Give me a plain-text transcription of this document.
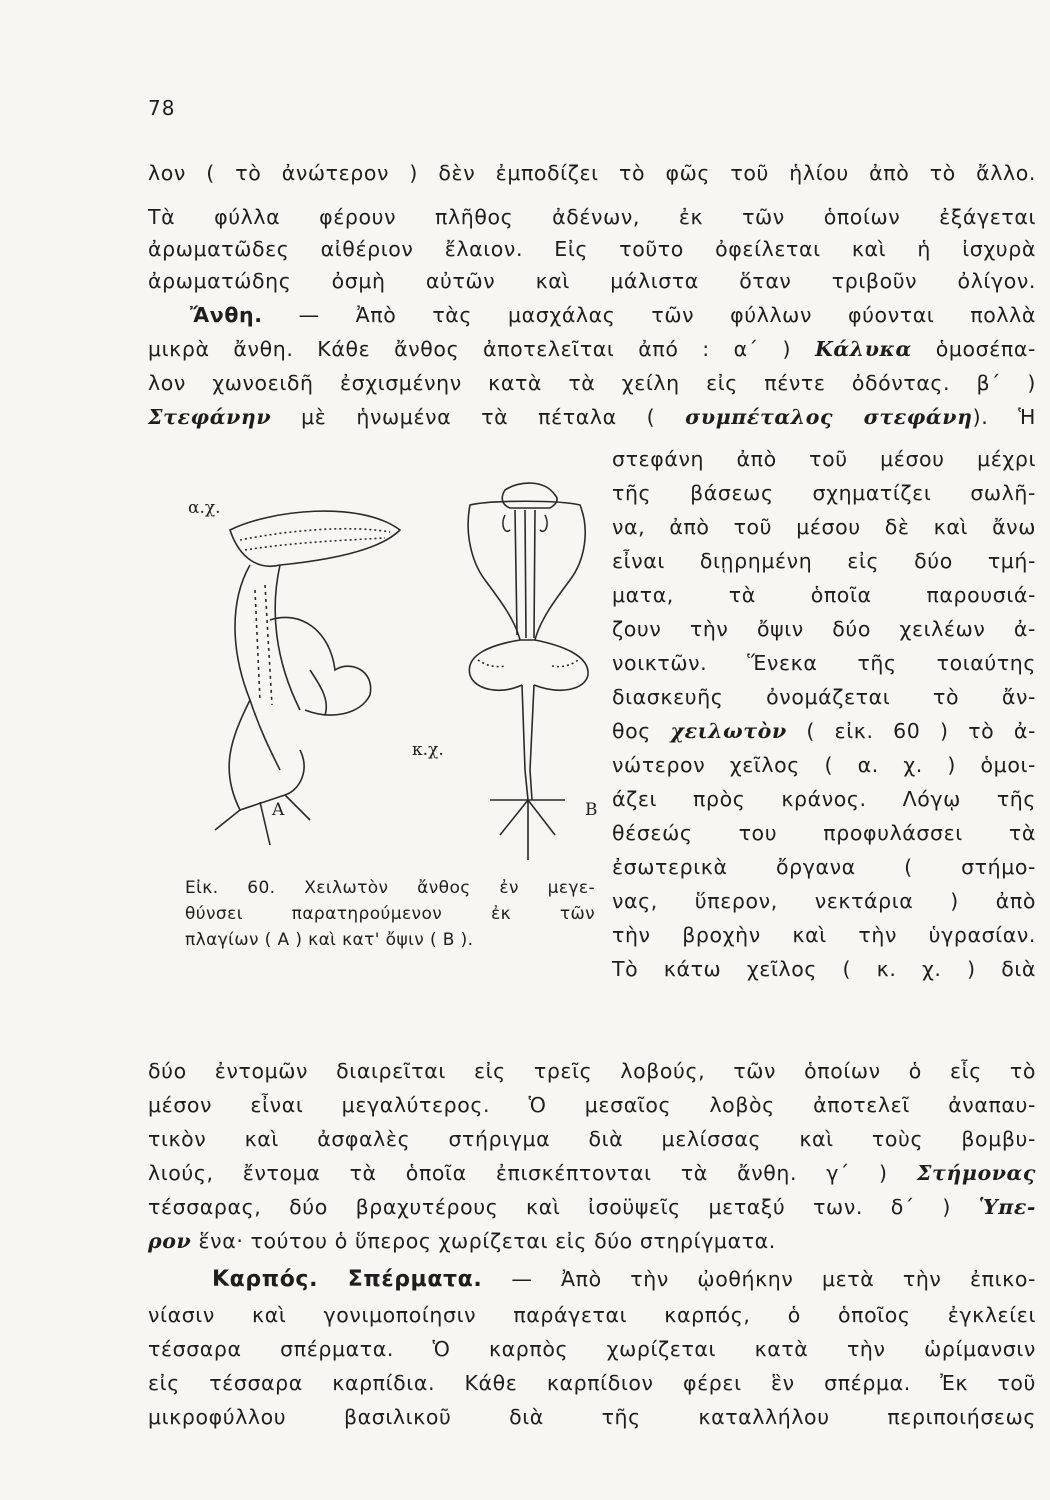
78
λον ( τὸ ἀνώτερον ) δὲν ἐμποδίζει τὸ φῶς τοῦ ἡλίου ἀπὸ τὸ ἄλλο.
Τὰ φύλλα φέρουν πλῆθος ἀδένων, ἐκ τῶν ὁποίων ἐξάγεται
ἀρωματῶδες αἰθέριον ἔλαιον. Εἰς τοῦτο ὀφείλεται καὶ ἡ ἰσχυρὰ
ἀρωματώδης ὀσμὴ αὐτῶν καὶ μάλιστα ὅταν τριβοῦν ὀλίγον.
Ἄνθη. — Ἀπὸ τὰς μασχάλας τῶν φύλλων φύονται πολλὰ
μικρὰ ἄνθη. Κάθε ἄνθος ἀποτελεῖται ἀπό : α´ ) Κάλυκα ὁμοσέπα-
λον χωνοειδῆ ἐσχισμένην κατὰ τὰ χείλη εἰς πέντε ὀδόντας. β´ )
Στεφάνην μὲ ἡνωμένα τὰ πέταλα ( συμπέταλος στεφάνη). Ἡ
στεφάνη ἀπὸ τοῦ μέσου μέχρι
τῆς βάσεως σχηματίζει σωλῆ-
να, ἀπὸ τοῦ μέσου δὲ καὶ ἄνω
εἶναι διῃρημένη εἰς δύο τμή-
ματα, τὰ ὁποῖα παρουσιά-
ζουν τὴν ὄψιν δύο χειλέων ἀ-
νοικτῶν. Ἕνεκα τῆς τοιαύτης
διασκευῆς ὀνομάζεται τὸ ἄν-
θος χειλωτὸν ( εἰκ. 60 ) τὸ ἀ-
νώτερον χεῖλος ( α. χ. ) ὁμοι-
άζει πρὸς κράνος. Λόγῳ τῆς
θέσεώς του προφυλάσσει τὰ
ἐσωτερικὰ ὄργανα ( στήμο-
νας, ὕπερον, νεκτάρια ) ἀπὸ
τὴν βροχὴν καὶ τὴν ὑγρασίαν.
Τὸ κάτω χεῖλος ( κ. χ. ) διὰ
α.χ.
κ.χ.
Α	Β
Εἰκ. 60. Χειλωτὸν ἄνθος ἐν μεγε-
θύνσει παρατηρούμενον ἐκ τῶν
πλαγίων ( Α ) καὶ κατ' ὄψιν ( Β ).
δύο ἐντομῶν διαιρεῖται εἰς τρεῖς λοβούς, τῶν ὁποίων ὁ εἷς τὸ
μέσον εἶναι μεγαλύτερος. Ὁ μεσαῖος λοβὸς ἀποτελεῖ ἀναπαυ-
τικὸν καὶ ἀσφαλὲς στήριγμα διὰ μελίσσας καὶ τοὺς βομβυ-
λιούς, ἔντομα τὰ ὁποῖα ἐπισκέπτονται τὰ ἄνθη. γ´ ) Στήμονας
τέσσαρας, δύο βραχυτέρους καὶ ἰσοϋψεῖς μεταξύ των. δ´ ) Ὑπε-
ρον ἕνα· τούτου ὁ ὕπερος χωρίζεται εἰς δύο στηρίγματα.
Καρπός. Σπέρματα. — Ἀπὸ τὴν ᾠοθήκην μετὰ τὴν ἐπικο-
νίασιν καὶ γονιμοποίησιν παράγεται καρπός, ὁ ὁποῖος ἐγκλείει
τέσσαρα σπέρματα. Ὁ καρπὸς χωρίζεται κατὰ τὴν ὡρίμανσιν
εἰς τέσσαρα καρπίδια. Κάθε καρπίδιον φέρει ἓν σπέρμα. Ἐκ τοῦ
μικροφύλλου βασιλικοῦ διὰ τῆς καταλλήλου περιποιήσεως
